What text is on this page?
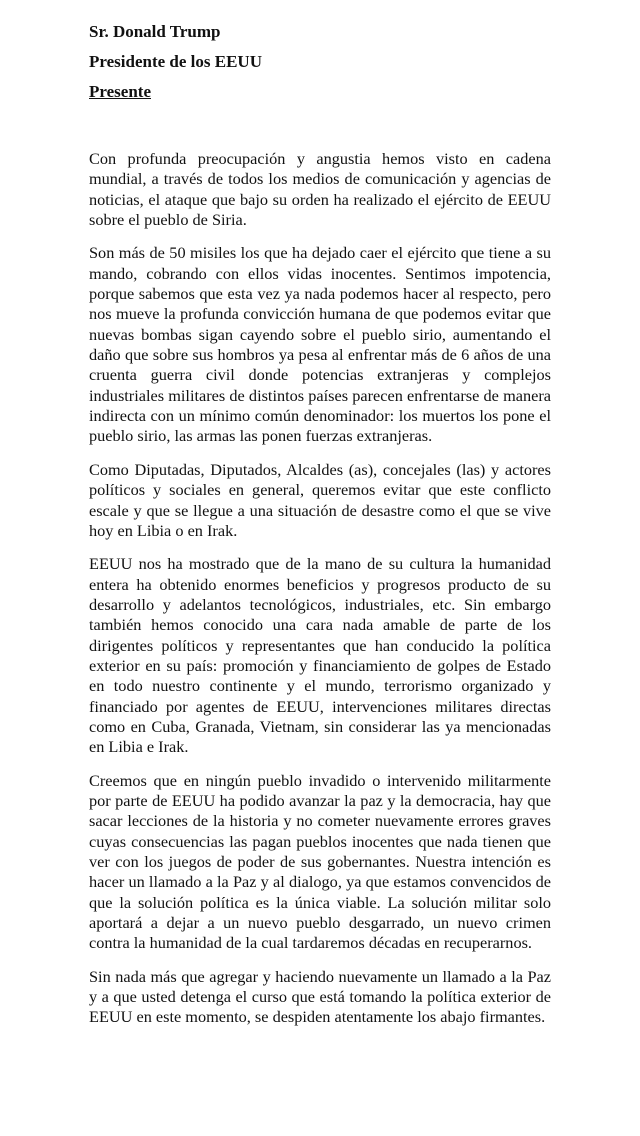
Sr. Donald Trump
Presidente de los EEUU
Presente

Con profunda preocupación y angustia hemos visto en cadena mundial, a través de todos los medios de comunicación y agencias de noticias, el ataque que bajo su orden ha realizado el ejército de EEUU sobre el pueblo de Siria.

Son más de 50 misiles los que ha dejado caer el ejército que tiene a su mando, cobrando con ellos vidas inocentes. Sentimos impotencia, porque sabemos que esta vez ya nada podemos hacer al respecto, pero nos mueve la profunda convicción humana de que podemos evitar que nuevas bombas sigan cayendo sobre el pueblo sirio, aumentando el daño que sobre sus hombros ya pesa al enfrentar más de 6 años de una cruenta guerra civil donde potencias extranjeras y complejos industriales militares de distintos países parecen enfrentarse de manera indirecta con un mínimo común denominador: los muertos los pone el pueblo sirio, las armas las ponen fuerzas extranjeras.

Como Diputadas, Diputados, Alcaldes (as), concejales (las) y actores políticos y sociales en general, queremos evitar que este conflicto escale y que se llegue a una situación de desastre como el que se vive hoy en Libia o en Irak.

EEUU nos ha mostrado que de la mano de su cultura la humanidad entera ha obtenido enormes beneficios y progresos producto de su desarrollo y adelantos tecnológicos, industriales, etc. Sin embargo también hemos conocido una cara nada amable de parte de los dirigentes políticos y representantes que han conducido la política exterior en su país: promoción y financiamiento de golpes de Estado en todo nuestro continente y el mundo, terrorismo organizado y financiado por agentes de EEUU, intervenciones militares directas como en Cuba, Granada, Vietnam, sin considerar las ya mencionadas en Libia e Irak.

Creemos que en ningún pueblo invadido o intervenido militarmente por parte de EEUU ha podido avanzar la paz y la democracia, hay que sacar lecciones de la historia y no cometer nuevamente errores graves cuyas consecuencias las pagan pueblos inocentes que nada tienen que ver con los juegos de poder de sus gobernantes. Nuestra intención es hacer un llamado a la Paz y al dialogo, ya que estamos convencidos de que la solución política es la única viable. La solución militar solo aportará a dejar a un nuevo pueblo desgarrado, un nuevo crimen contra la humanidad de la cual tardaremos décadas en recuperarnos.

Sin nada más que agregar y haciendo nuevamente un llamado a la Paz y a que usted detenga el curso que está tomando la política exterior de EEUU en este momento, se despiden atentamente los abajo firmantes.
